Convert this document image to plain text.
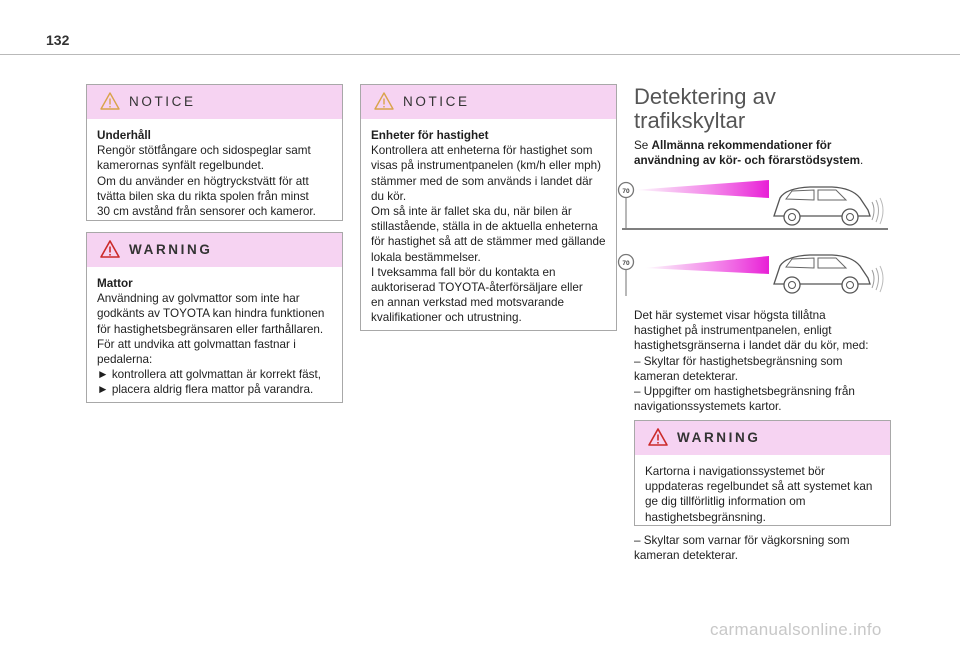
132
NOTICE
Underhåll
Rengör stötfångare och sidospeglar samt
kamerornas synfält regelbundet.
Om du använder en högtryckstvätt för att
tvätta bilen ska du rikta spolen från minst
30 cm avstånd från sensorer och kameror.
WARNING
Mattor
Användning av golvmattor som inte har
godkänts av TOYOTA kan hindra funktionen
för hastighetsbegränsaren eller farthållaren.
För att undvika att golvmattan fastnar i
pedalerna:
► kontrollera att golvmattan är korrekt fäst,
► placera aldrig flera mattor på varandra.
NOTICE
Enheter för hastighet
Kontrollera att enheterna för hastighet som
visas på instrumentpanelen (km/h eller mph)
stämmer med de som används i landet där
du kör.
Om så inte är fallet ska du, när bilen är
stillastående, ställa in de aktuella enheterna
för hastighet så att de stämmer med gällande
lokala bestämmelser.
I tveksamma fall bör du kontakta en
auktoriserad TOYOTA-återförsäljare eller
en annan verkstad med motsvarande
kvalifikationer och utrustning.
Detektering av
trafikskyltar
Se Allmänna rekommendationer för
användning av kör- och förarstödsystem.
70
70
Det här systemet visar högsta tillåtna
hastighet på instrumentpanelen, enligt
hastighetsgränserna i landet där du kör, med:
– Skyltar för hastighetsbegränsning som
kameran detekterar.
– Uppgifter om hastighetsbegränsning från
navigationssystemets kartor.
WARNING
Kartorna i navigationssystemet bör
uppdateras regelbundet så att systemet kan
ge dig tillförlitlig information om
hastighetsbegränsning.
– Skyltar som varnar för vägkorsning som
kameran detekterar.
carmanualsonline.info
